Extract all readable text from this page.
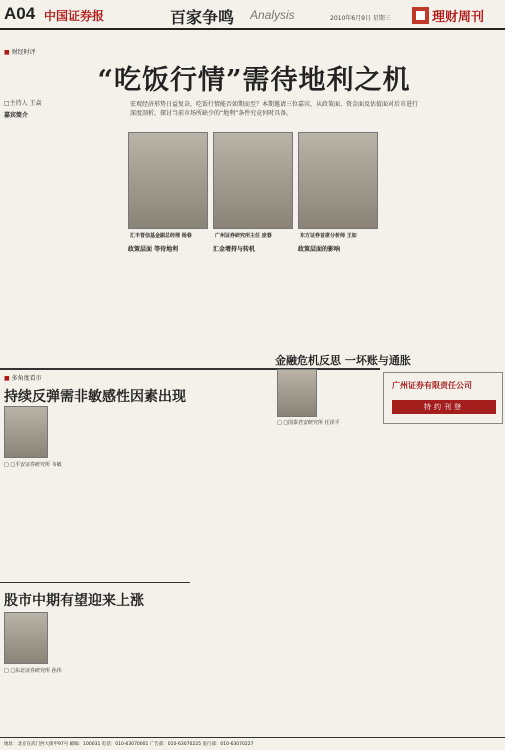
A04 中国证券报	百家争鸣 Analysis	2010年6月9日 星期三	理财周刊
■ 财经时评
“吃饭行情”需待地利之机
□主持人 王焱	宏观经济形势日益复杂，吃饭行情能否如期而至？本期邀请三位嘉宾，从政策面、资金面及估值面对后市进行深度剖析，探讨当前市场所缺少的“地利”条件究竟何时具备。
嘉宾简介
汇丰晋信基金副总经理 杨春	广州证券研究所主任 庞春	东方证券首席分析师 王如
政策层面 等待地利	汇金增持与转机	政策层面的影响
广州证券有限责任公司
特约刊登
■ 多角度看市
持续反弹需非敏感性因素出现
□ □平安证券研究所 韦敏
股市中期有望迎来上涨
□ □东北证券研究所 孙伟
金融危机反思 一坏账与通胀
□ □国泰君安研究所 任泽平
地址：北京宣武门西大街甲97号 邮编：100031 电话：010-63070001 广告部：010-63070225 发行部：010-63070227
